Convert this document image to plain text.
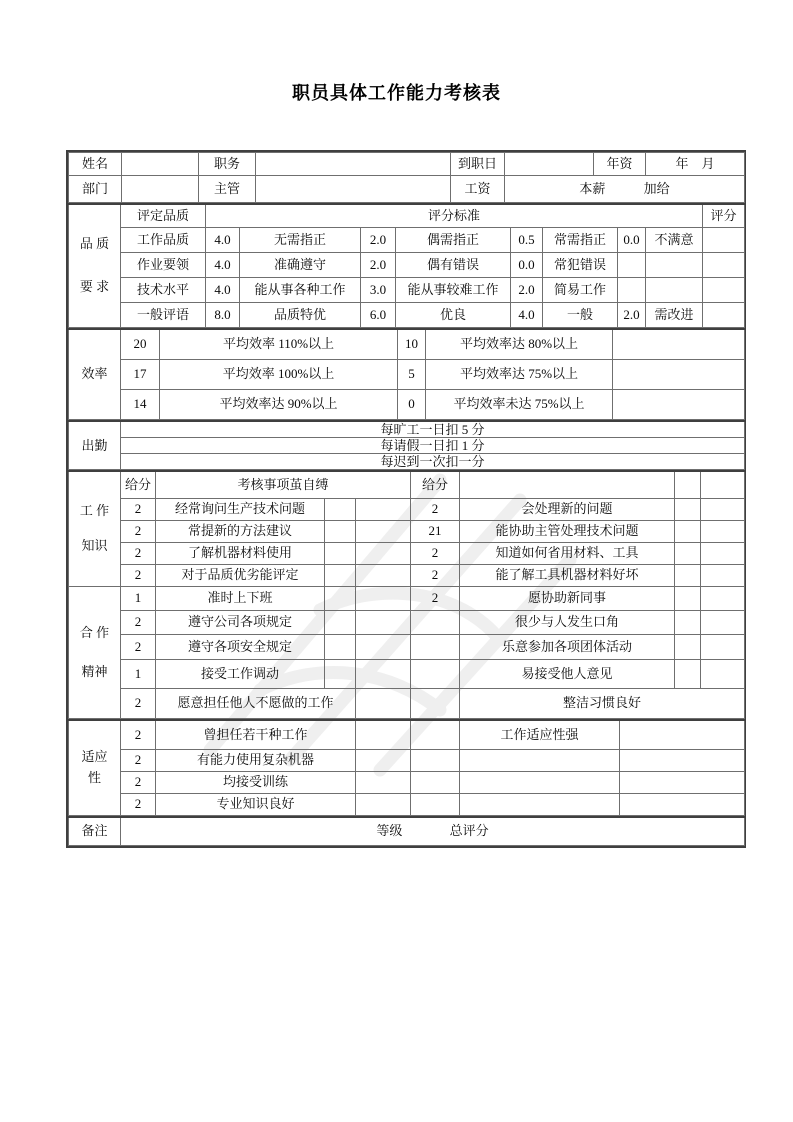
职员具体工作能力考核表
姓名		职务		到职日		年资	年　月
部门		主管		工资	本薪 加给		
品 质
要 求	评定品质	评分标准								评分
	工作品质	4.0	无需指正	2.0	偶需指正	0.5	常需指正	0.0	不满意	
	作业要领	4.0	准确遵守	2.0	偶有错误	0.0	常犯错误			
	技术水平	4.0	能从事各种工作	3.0	能从事较难工作	2.0	简易工作			
	一般评语	8.0	品质特优	6.0	优良	4.0	一般	2.0	需改进	
效率	20	平均效率 110%以上	10	平均效率达 80%以上	
	17	平均效率 100%以上	5	平均效率达 75%以上	
	14	平均效率达 90%以上	0	平均效率未达 75%以上	
出勤
	每旷工一日扣 5 分
每请假一日扣 1 分
每迟到一次扣一分
工 作
知识	给分	考核事项茧自缚			给分			
	2	经常询问生产技术问题			2	会处理新的问题		
	2	常提新的方法建议			21	能协助主管处理技术问题		
	2	了解机器材料使用			2	知道如何省用材料、工具		
	2	对于品质优劣能评定			2	能了解工具机器材料好坏		

合 作
精神	1	准时上下班			2	愿协助新同事		
	2	遵守公司各项规定				很少与人发生口角		
	2	遵守各项安全规定				乐意参加各项团体活动		
	1	接受工作调动				易接受他人意见		
	2	愿意担任他人不愿做的工作				整洁习惯良好		
适应
性	2	曾担任若干种工作			工作适应性强	
	2	有能力使用复杂机器				
	2	均接受训练				
	2	专业知识良好				
备注	等级	总评分
